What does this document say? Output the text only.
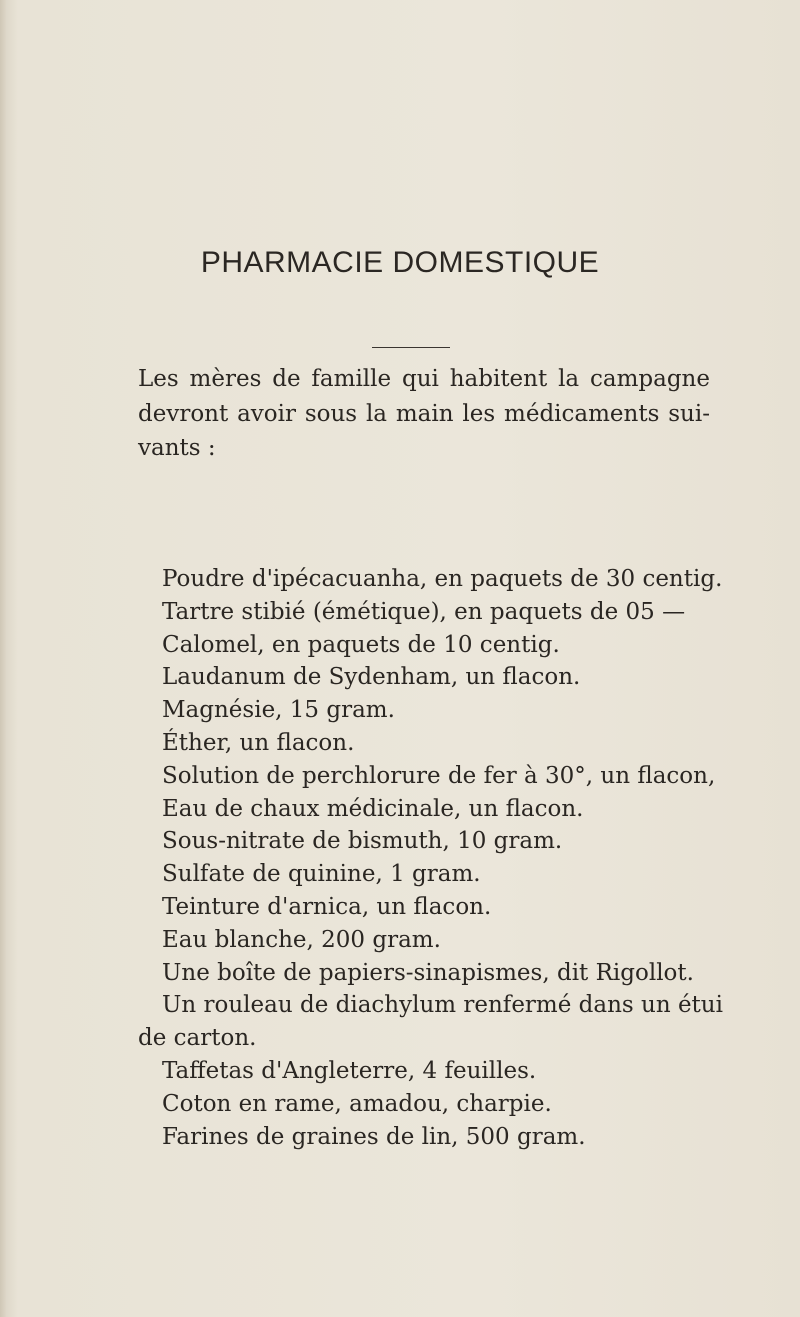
PHARMACIE DOMESTIQUE

Les mères de famille qui habitent la campagne
devront avoir sous la main les médicaments sui-
vants :

Poudre d'ipécacuanha, en paquets de 30 centig.
Tartre stibié (émétique), en paquets de 05 —
Calomel, en paquets de 10 centig.
Laudanum de Sydenham, un flacon.
Magnésie, 15 gram.
Éther, un flacon.
Solution de perchlorure de fer à 30°, un flacon,
Eau de chaux médicinale, un flacon.
Sous-nitrate de bismuth, 10 gram.
Sulfate de quinine, 1 gram.
Teinture d'arnica, un flacon.
Eau blanche, 200 gram.
Une boîte de papiers-sinapismes, dit Rigollot.
Un rouleau de diachylum renfermé dans un étui
de carton.
Taffetas d'Angleterre, 4 feuilles.
Coton en rame, amadou, charpie.
Farines de graines de lin, 500 gram.
